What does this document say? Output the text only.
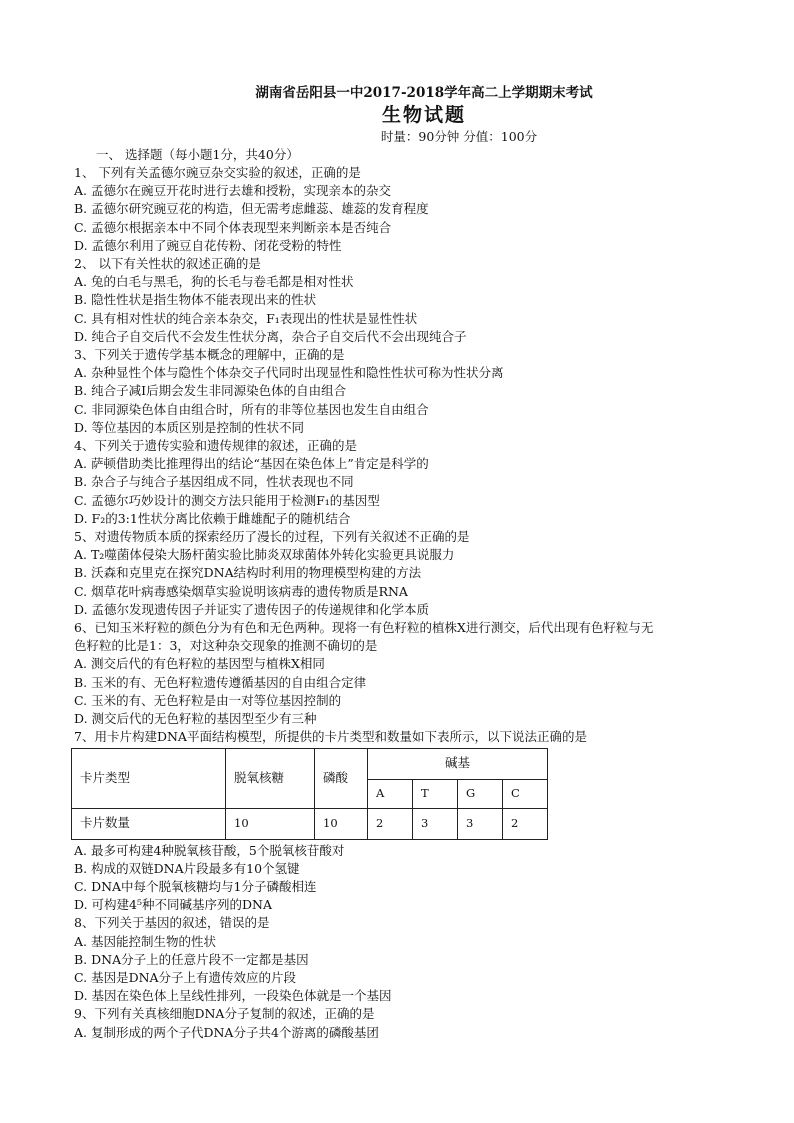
湖南省岳阳县一中2017-2018学年高二上学期期末考试
生物试题
时量：90分钟 分值：100分
一、 选择题（每小题1分，共40分）
1、 下列有关孟德尔豌豆杂交实验的叙述，正确的是
A. 孟德尔在豌豆开花时进行去雄和授粉，实现亲本的杂交
B. 孟德尔研究豌豆花的构造，但无需考虑雌蕊、雄蕊的发育程度
C. 孟德尔根据亲本中不同个体表现型来判断亲本是否纯合
D. 孟德尔利用了豌豆自花传粉、闭花受粉的特性
2、 以下有关性状的叙述正确的是
A. 兔的白毛与黑毛，狗的长毛与卷毛都是相对性状
B. 隐性性状是指生物体不能表现出来的性状
C. 具有相对性状的纯合亲本杂交，F₁表现出的性状是显性性状
D. 纯合子自交后代不会发生性状分离，杂合子自交后代不会出现纯合子
3、下列关于遗传学基本概念的理解中，正确的是
A. 杂种显性个体与隐性个体杂交子代同时出现显性和隐性性状可称为性状分离
B. 纯合子减Ⅰ后期会发生非同源染色体的自由组合
C. 非同源染色体自由组合时，所有的非等位基因也发生自由组合
D. 等位基因的本质区别是控制的性状不同
4、下列关于遗传实验和遗传规律的叙述，正确的是
A. 萨顿借助类比推理得出的结论“基因在染色体上”肯定是科学的
B. 杂合子与纯合子基因组成不同，性状表现也不同
C. 孟德尔巧妙设计的测交方法只能用于检测F₁的基因型
D. F₂的3:1性状分离比依赖于雌雄配子的随机结合
5、对遗传物质本质的探索经历了漫长的过程，下列有关叙述不正确的是
A. T₂噬菌体侵染大肠杆菌实验比肺炎双球菌体外转化实验更具说服力
B. 沃森和克里克在探究DNA结构时利用的物理模型构建的方法
C. 烟草花叶病毒感染烟草实验说明该病毒的遗传物质是RNA
D. 孟德尔发现遗传因子并证实了遗传因子的传递规律和化学本质
6、已知玉米籽粒的颜色分为有色和无色两种。现将一有色籽粒的植株X进行测交，后代出现有色籽粒与无
色籽粒的比是1：3，对这种杂交现象的推测不确切的是
A. 测交后代的有色籽粒的基因型与植株X相同
B. 玉米的有、无色籽粒遗传遵循基因的自由组合定律
C. 玉米的有、无色籽粒是由一对等位基因控制的
D. 测交后代的无色籽粒的基因型至少有三种
7、用卡片构建DNA平面结构模型，所提供的卡片类型和数量如下表所示，以下说法正确的是
卡片类型	脱氧核糖	磷酸	碱基			
			A	T	G	C
卡片数量	10	10	2	3	3	2
A. 最多可构建4种脱氧核苷酸，5个脱氧核苷酸对
B. 构成的双链DNA片段最多有10个氢键
C. DNA中每个脱氧核糖均与1分子磷酸相连
D. 可构建4⁵种不同碱基序列的DNA
8、下列关于基因的叙述，错误的是
A. 基因能控制生物的性状
B. DNA分子上的任意片段不一定都是基因
C. 基因是DNA分子上有遗传效应的片段
D. 基因在染色体上呈线性排列，一段染色体就是一个基因
9、下列有关真核细胞DNA分子复制的叙述，正确的是
A. 复制形成的两个子代DNA分子共4个游离的磷酸基团
